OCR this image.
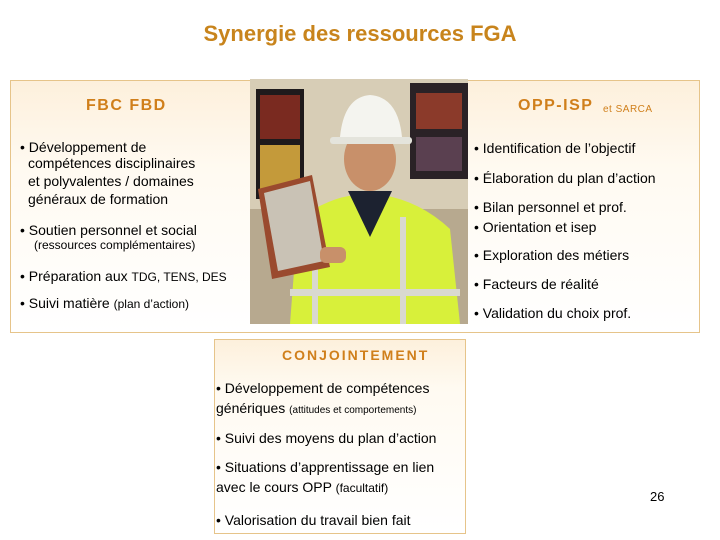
Synergie des ressources FGA
FBC FBD
• Développement de
compétences disciplinaires
et polyvalentes / domaines
généraux de formation
• Soutien personnel et social
(ressources complémentaires)
• Préparation aux TDG, TENS, DES
• Suivi matière (plan d’action)
OPP-ISP et SARCA
• Identification de l’objectif
• Élaboration du plan d’action
• Bilan personnel et prof.
• Orientation et isep
• Exploration des métiers
• Facteurs de réalité
• Validation du choix prof.
CONJOINTEMENT
• Développement de compétences
génériques (attitudes et comportements)
• Suivi des moyens du plan d’action
• Situations d’apprentissage en lien
avec le cours OPP (facultatif)
• Valorisation du travail bien fait
26
